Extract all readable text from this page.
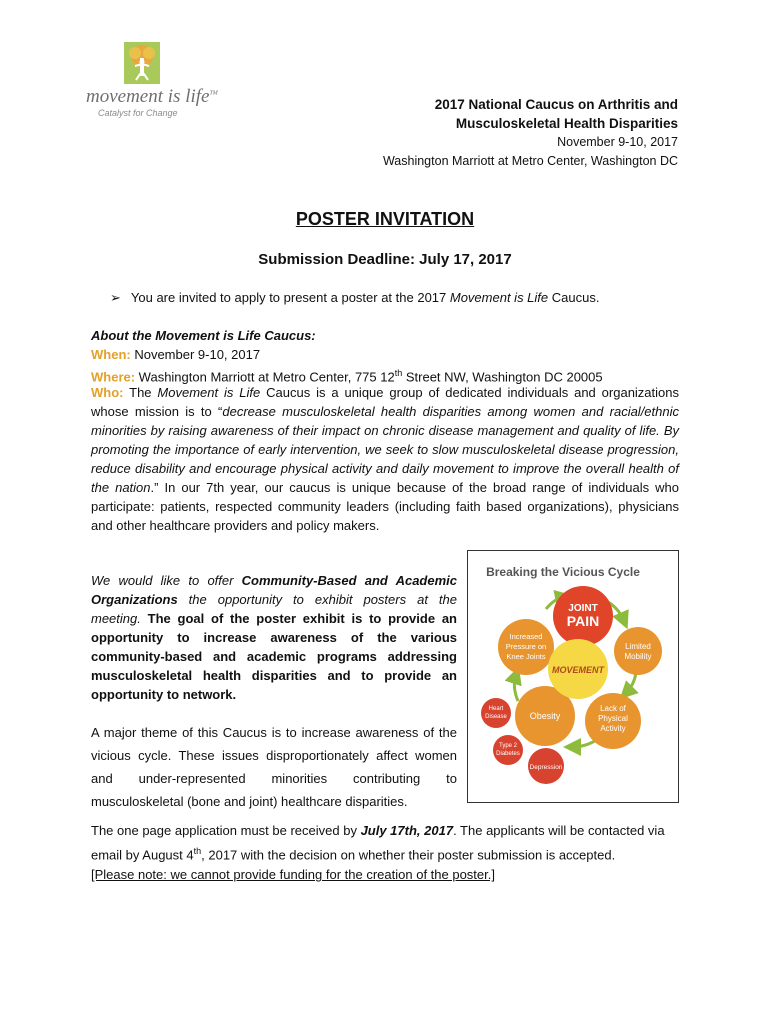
movement is life™
Catalyst for Change
2017 National Caucus on Arthritis and
Musculoskeletal Health Disparities
November 9-10, 2017
Washington Marriott at Metro Center, Washington DC
POSTER INVITATION
Submission Deadline: July 17, 2017
➢ You are invited to apply to present a poster at the 2017 Movement is Life Caucus.
About the Movement is Life Caucus:
When: November 9-10, 2017
Where: Washington Marriott at Metro Center, 775 12th Street NW, Washington DC 20005
Who: The Movement is Life Caucus is a unique group of dedicated individuals and organizations whose mission is to “decrease musculoskeletal health disparities among women and racial/ethnic minorities by raising awareness of their impact on chronic disease management and quality of life. By promoting the importance of early intervention, we seek to slow musculoskeletal disease progression, reduce disability and encourage physical activity and daily movement to improve the overall health of the nation.” In our 7th year, our caucus is unique because of the broad range of individuals who participate: patients, respected community leaders (including faith based organizations), physicians and other healthcare providers and policy makers.
We would like to offer Community-Based and Academic Organizations the opportunity to exhibit posters at the meeting. The goal of the poster exhibit is to provide an opportunity to increase awareness of the various community-based and academic programs addressing musculoskeletal health disparities and to provide an opportunity to network.
A major theme of this Caucus is to increase awareness of the vicious cycle. These issues disproportionately affect women and under-represented minorities contributing to musculoskeletal (bone and joint) healthcare disparities.
The one page application must be received by July 17th, 2017. The applicants will be contacted via email by August 4th, 2017 with the decision on whether their poster submission is accepted.
[Please note: we cannot provide funding for the creation of the poster.]
Breaking the Vicious Cycle
JOINT
PAIN
Limited
Mobility
Lack of
Physical
Activity
Obesity
Increased
Pressure on
Knee Joints
MOVEMENT
Heart
Disease
Type 2
Diabetes
Depression
